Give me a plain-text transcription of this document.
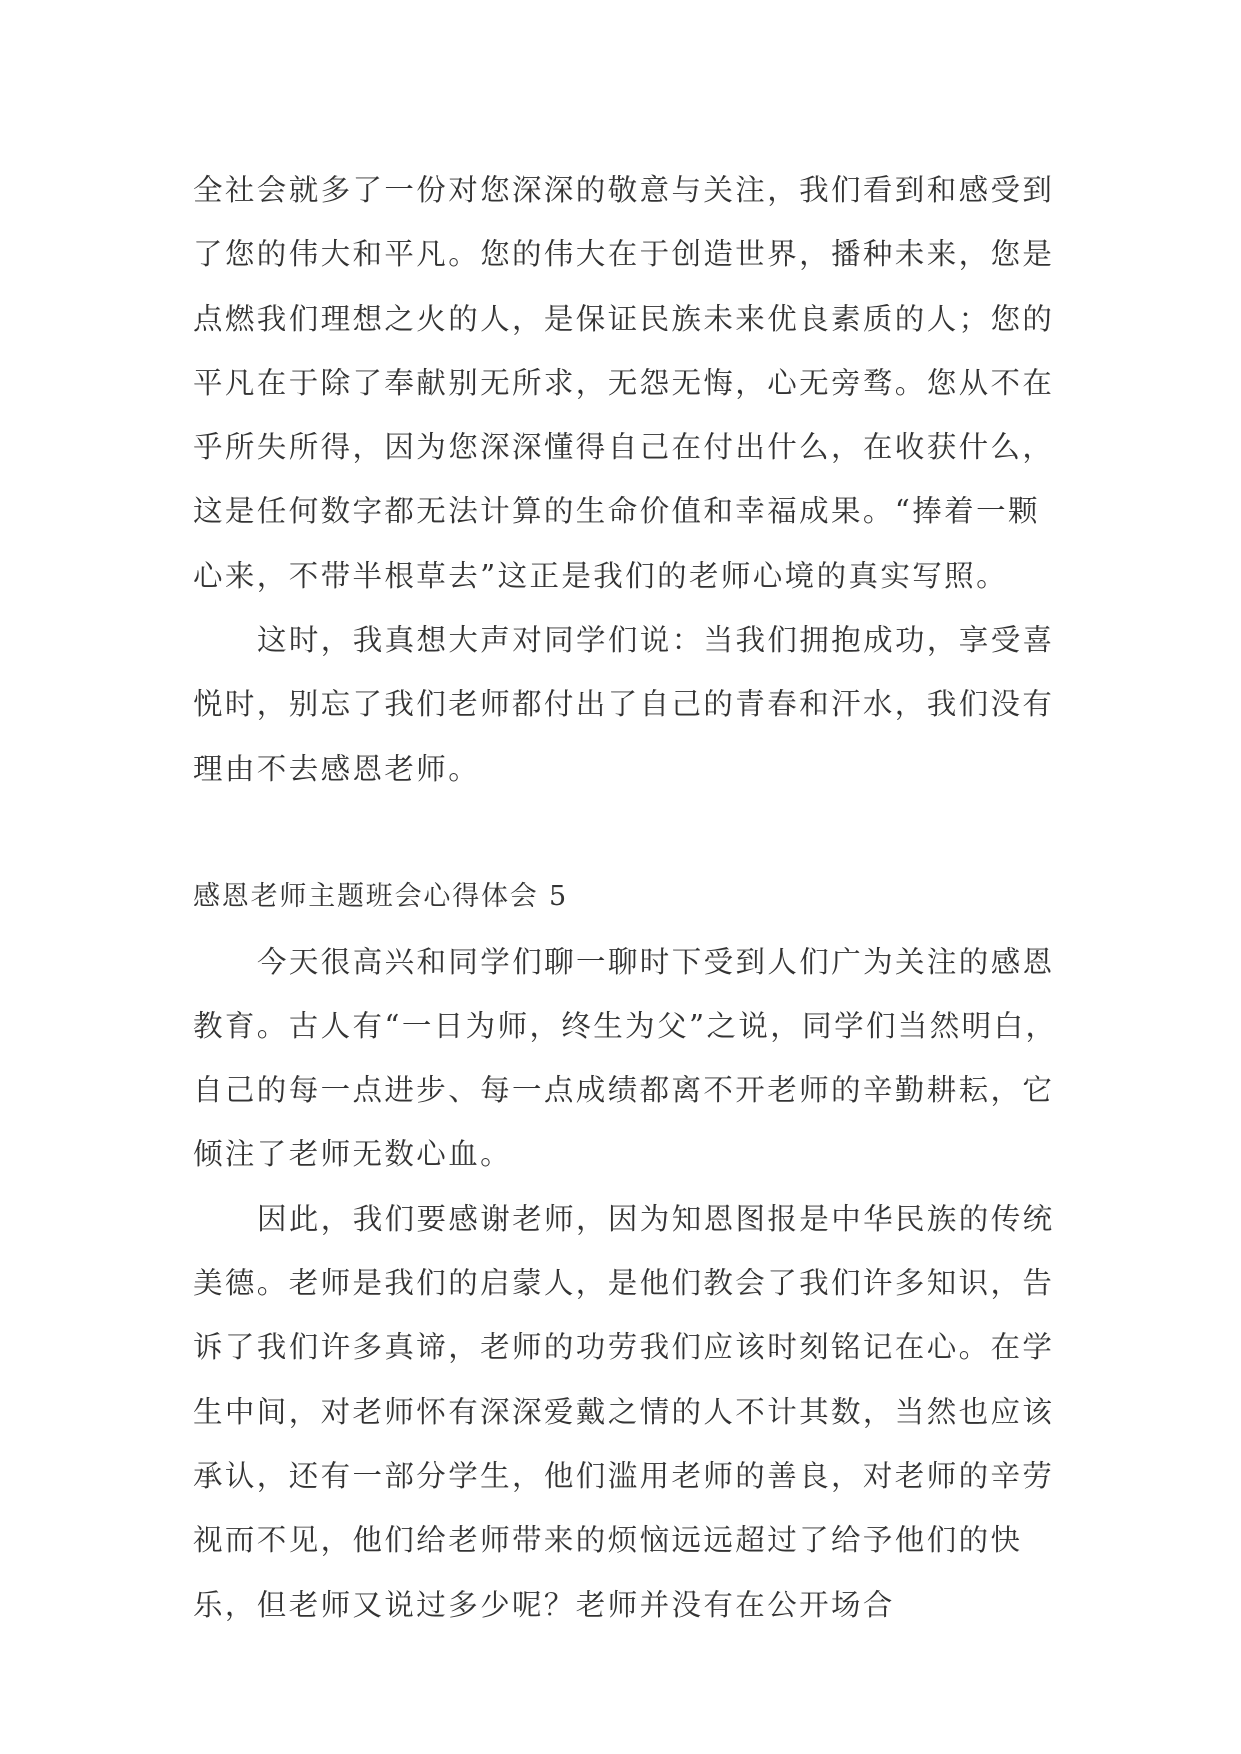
全社会就多了一份对您深深的敬意与关注，我们看到和感受到了您的伟大和平凡。您的伟大在于创造世界，播种未来，您是点燃我们理想之火的人，是保证民族未来优良素质的人；您的平凡在于除了奉献别无所求，无怨无悔，心无旁骛。您从不在乎所失所得，因为您深深懂得自己在付出什么，在收获什么，这是任何数字都无法计算的生命价值和幸福成果。“捧着一颗心来，不带半根草去”这正是我们的老师心境的真实写照。

这时，我真想大声对同学们说：当我们拥抱成功，享受喜悦时，别忘了我们老师都付出了自己的青春和汗水，我们没有理由不去感恩老师。

感恩老师主题班会心得体会 5

今天很高兴和同学们聊一聊时下受到人们广为关注的感恩教育。古人有“一日为师，终生为父”之说，同学们当然明白，自己的每一点进步、每一点成绩都离不开老师的辛勤耕耘，它倾注了老师无数心血。

因此，我们要感谢老师，因为知恩图报是中华民族的传统美德。老师是我们的启蒙人，是他们教会了我们许多知识，告诉了我们许多真谛，老师的功劳我们应该时刻铭记在心。在学生中间，对老师怀有深深爱戴之情的人不计其数，当然也应该承认，还有一部分学生，他们滥用老师的善良，对老师的辛劳视而不见，他们给老师带来的烦恼远远超过了给予他们的快乐，但老师又说过多少呢？老师并没有在公开场合
